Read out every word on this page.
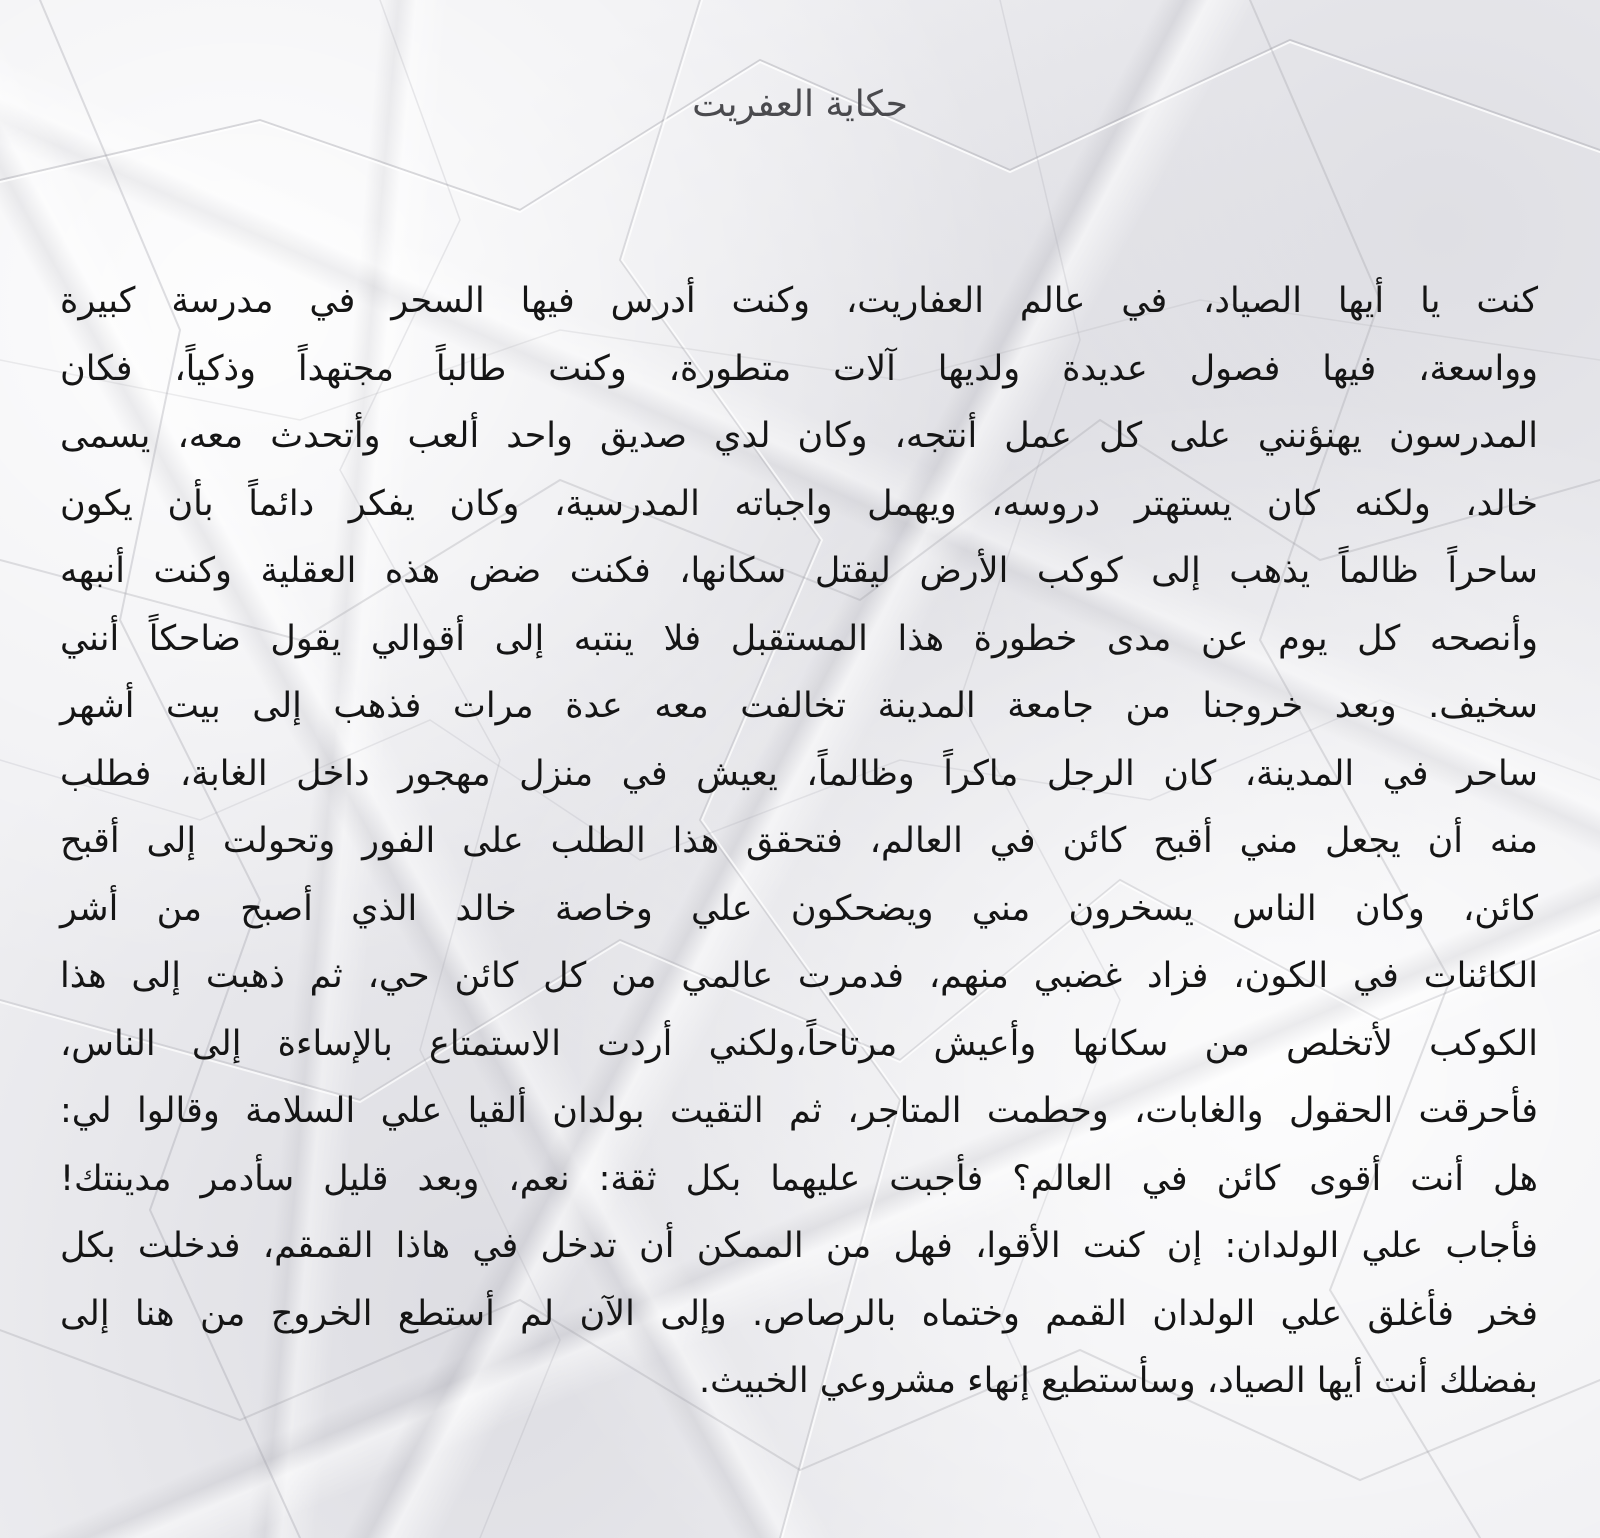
حكاية العفريت
كنت يا أيها الصياد، في عالم العفاريت، وكنت أدرس فيها السحر في مدرسة كبيرة
وواسعة، فيها فصول عديدة ولديها آلات متطورة، وكنت طالباً مجتهداً وذكياً، فكان
المدرسون يهنؤنني على كل عمل أنتجه، وكان لدي صديق واحد ألعب وأتحدث معه، يسمى
خالد، ولكنه كان يستهتر دروسه، ويهمل واجباته المدرسية، وكان يفكر دائماً بأن يكون
ساحراً ظالماً يذهب إلى كوكب الأرض ليقتل سكانها، فكنت ضض هذه العقلية وكنت أنبهه
وأنصحه كل يوم عن مدى خطورة هذا المستقبل فلا ينتبه إلى أقوالي يقول ضاحكاً أنني
سخيف. وبعد خروجنا من جامعة المدينة تخالفت معه عدة مرات فذهب إلى بيت أشهر
ساحر في المدينة، كان الرجل ماكراً وظالماً، يعيش في منزل مهجور داخل الغابة، فطلب
منه أن يجعل مني أقبح كائن في العالم، فتحقق هذا الطلب على الفور وتحولت إلى أقبح
كائن، وكان الناس يسخرون مني ويضحكون علي وخاصة خالد الذي أصبح من أشر
الكائنات في الكون، فزاد غضبي منهم، فدمرت عالمي من كل كائن حي، ثم ذهبت إلى هذا
الكوكب لأتخلص من سكانها وأعيش مرتاحاً،ولكني أردت الاستمتاع بالإساءة إلى الناس،
فأحرقت الحقول والغابات، وحطمت المتاجر، ثم التقيت بولدان ألقيا علي السلامة وقالوا لي:
هل أنت أقوى كائن في العالم؟ فأجبت عليهما بكل ثقة: نعم، وبعد قليل سأدمر مدينتك!
فأجاب علي الولدان: إن كنت الأقوا، فهل من الممكن أن تدخل في هاذا القمقم، فدخلت بكل
فخر فأغلق علي الولدان القمم وختماه بالرصاص. وإلى الآن لم أستطع الخروج من هنا إلى
بفضلك أنت أيها الصياد، وسأستطيع إنهاء مشروعي الخبيث.
